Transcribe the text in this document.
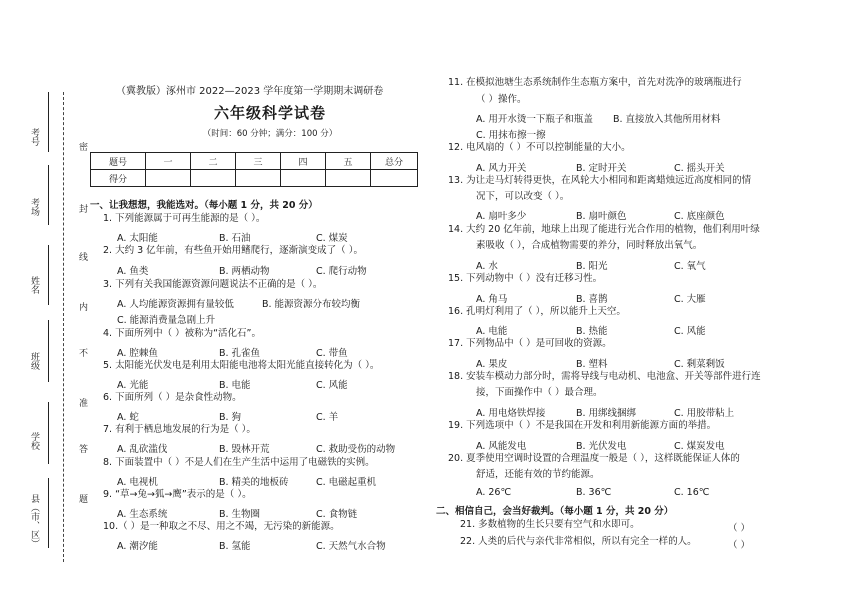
考号
考场
姓名
班级
学校
县（市、区）
密
封
线
内
不
准
答
题
（冀教版）涿州市 2022—2023 学年度第一学期期末调研卷
六年级科学试卷
（时间：60 分钟；满分：100 分）
题号	一	二	三	四	五	总分
得分						
一、让我想想，我能选对。（每小题 1 分，共 20 分）
1. 下列能源属于可再生能源的是（ ）。
A. 太阳能	B. 石油	C. 煤炭
2. 大约 3 亿年前，有些鱼开始用鳍爬行，逐渐演变成了（ ）。
A. 鱼类	B. 两栖动物	C. 爬行动物
3. 下列有关我国能源资源问题说法不正确的是（ ）。
A. 人均能源资源拥有量较低	B. 能源资源分布较均衡
C. 能源消费量急剧上升
4. 下面所列中（ ）被称为“活化石”。
A. 腔棘鱼	B. 孔雀鱼	C. 带鱼
5. 太阳能光伏发电是利用太阳能电池将太阳光能直接转化为（ ）。
A. 光能	B. 电能	C. 风能
6. 下面所列（ ）是杂食性动物。
A. 蛇	B. 狗	C. 羊
7. 有利于栖息地发展的行为是（ ）。
A. 乱砍滥伐	B. 毁林开荒	C. 救助受伤的动物
8. 下面装置中（ ）不是人们在生产生活中运用了电磁铁的实例。
A. 电视机	B. 精美的地板砖	C. 电磁起重机
9. “草→兔→狐→鹰”表示的是（ ）。
A. 生态系统	B. 生物圈	C. 食物链
10.（ ）是一种取之不尽、用之不竭，无污染的新能源。
A. 潮汐能	B. 氢能	C. 天然气水合物
11. 在模拟池塘生态系统制作生态瓶方案中，首先对洗净的玻璃瓶进行
（ ）操作。
A. 用开水烫一下瓶子和瓶盖 B. 直接放入其他所用材料
C. 用抹布擦一擦
12. 电风扇的（ ）不可以控制能量的大小。
A. 风力开关	B. 定时开关	C. 摇头开关
13. 为让走马灯转得更快，在风轮大小相同和距离蜡烛远近高度相同的情
况下，可以改变（ ）。
A. 扇叶多少	B. 扇叶颜色	C. 底座颜色
14. 大约 20 亿年前，地球上出现了能进行光合作用的植物，他们利用叶绿
素吸收（ ），合成植物需要的养分，同时释放出氧气。
A. 水	B. 阳光	C. 氧气
15. 下列动物中（ ）没有迁移习性。
A. 角马	B. 喜鹊	C. 大雁
16. 孔明灯利用了（ ），所以能升上天空。
A. 电能	B. 热能	C. 风能
17. 下列物品中（ ）是可回收的资源。
A. 果皮	B. 塑料	C. 剩菜剩饭
18. 安装车模动力部分时，需将导线与电动机、电池盒、开关等部件进行连
接，下面操作中（ ）最合理。
A. 用电烙铁焊接	B. 用绑线捆绑	C. 用胶带粘上
19. 下列选项中（ ）不是我国在开发和利用新能源方面的举措。
A. 风能发电	B. 光伏发电	C. 煤炭发电
20. 夏季使用空调时设置的合理温度一般是（ ），这样既能保证人体的
舒适，还能有效的节约能源。
A. 26℃	B. 36℃	C. 16℃
二、相信自己，会当好裁判。（每小题 1 分，共 20 分）
21. 多数植物的生长只要有空气和水即可。	（ ）
22. 人类的后代与亲代非常相似，所以有完全一样的人。	（ ）
